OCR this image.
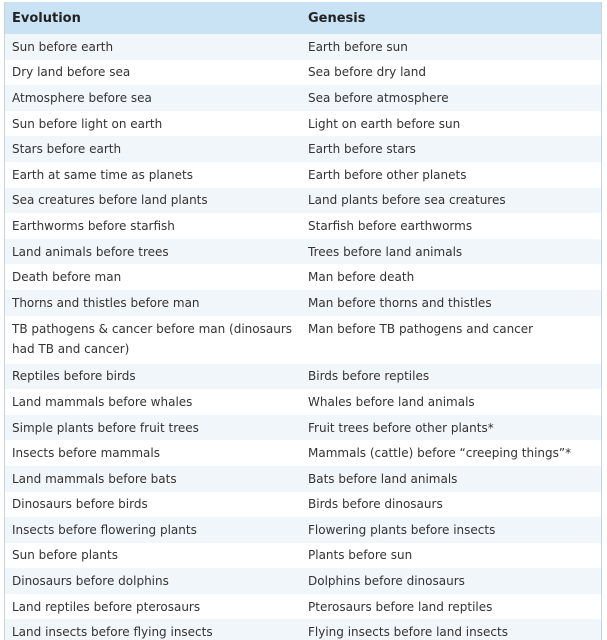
Evolution	Genesis
Sun before earth	Earth before sun
Dry land before sea	Sea before dry land
Atmosphere before sea	Sea before atmosphere
Sun before light on earth	Light on earth before sun
Stars before earth	Earth before stars
Earth at same time as planets	Earth before other planets
Sea creatures before land plants	Land plants before sea creatures
Earthworms before starfish	Starfish before earthworms
Land animals before trees	Trees before land animals
Death before man	Man before death
Thorns and thistles before man	Man before thorns and thistles
TB pathogens & cancer before man (dinosaurs had TB and cancer)	Man before TB pathogens and cancer
Reptiles before birds	Birds before reptiles
Land mammals before whales	Whales before land animals
Simple plants before fruit trees	Fruit trees before other plants*
Insects before mammals	Mammals (cattle) before “creeping things”*
Land mammals before bats	Bats before land animals
Dinosaurs before birds	Birds before dinosaurs
Insects before flowering plants	Flowering plants before insects
Sun before plants	Plants before sun
Dinosaurs before dolphins	Dolphins before dinosaurs
Land reptiles before pterosaurs	Pterosaurs before land reptiles
Land insects before flying insects	Flying insects before land insects
